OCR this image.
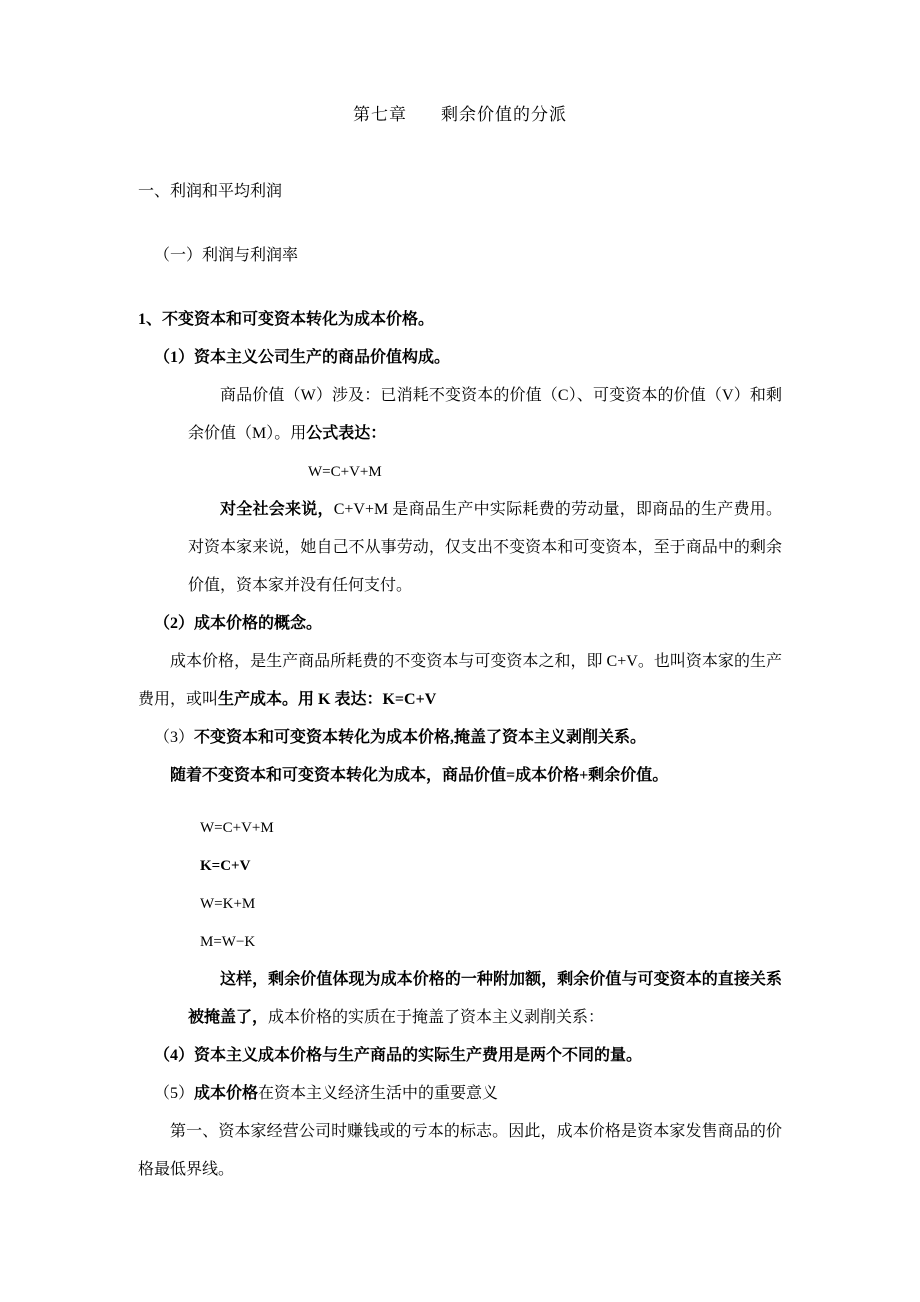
第七章 剩余价值的分派

一、利润和平均利润

（一）利润与利润率

1、不变资本和可变资本转化为成本价格。

（1）资本主义公司生产的商品价值构成。

商品价值（W）涉及：已消耗不变资本的价值（C）、可变资本的价值（V）和剩余价值（M）。用公式表达：

W=C+V+M

对全社会来说，C+V+M 是商品生产中实际耗费的劳动量，即商品的生产费用。对资本家来说，她自己不从事劳动，仅支出不变资本和可变资本，至于商品中的剩余价值，资本家并没有任何支付。

（2）成本价格的概念。

成本价格，是生产商品所耗费的不变资本与可变资本之和，即 C+V。也叫资本家的生产费用，或叫生产成本。用 K 表达：K=C+V

（3）不变资本和可变资本转化为成本价格,掩盖了资本主义剥削关系。

随着不变资本和可变资本转化为成本，商品价值=成本价格+剩余价值。

W=C+V+M

K=C+V

W=K+M

M=W−K

这样，剩余价值体现为成本价格的一种附加额，剩余价值与可变资本的直接关系被掩盖了，成本价格的实质在于掩盖了资本主义剥削关系：

（4）资本主义成本价格与生产商品的实际生产费用是两个不同的量。

（5）成本价格在资本主义经济生活中的重要意义

第一、资本家经营公司时赚钱或的亏本的标志。因此，成本价格是资本家发售商品的价格最低界线。
